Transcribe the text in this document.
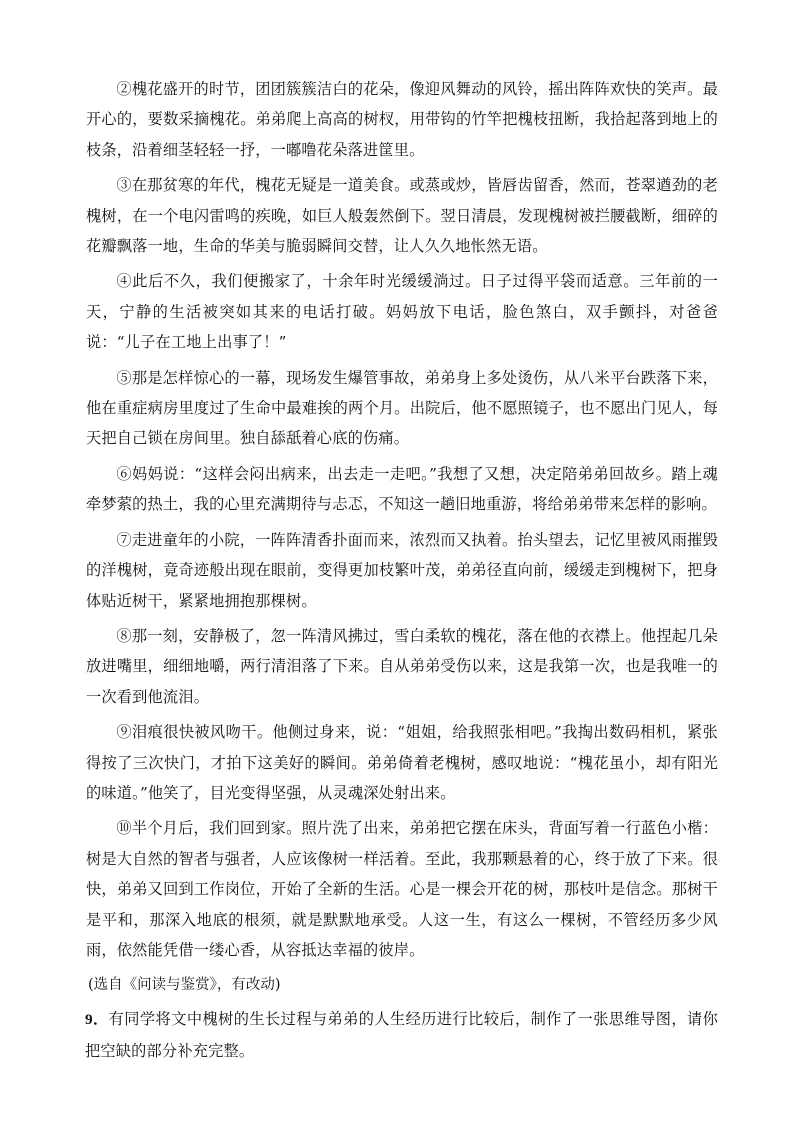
②槐花盛开的时节，团团簇簇洁白的花朵，像迎风舞动的风铃，摇出阵阵欢快的笑声。最开心的，要数采摘槐花。弟弟爬上高高的树杈，用带钩的竹竿把槐枝扭断，我拾起落到地上的枝条，沿着细茎轻轻一抒，一嘟噜花朵落进筐里。

③在那贫寒的年代，槐花无疑是一道美食。或蒸或炒，皆唇齿留香，然而，苍翠遒劲的老槐树，在一个电闪雷鸣的疾晚，如巨人般轰然倒下。翌日清晨，发现槐树被拦腰截断，细碎的花瓣飘落一地，生命的华美与脆弱瞬间交替，让人久久地怅然无语。

④此后不久，我们便搬家了，十余年时光缓缓淌过。日子过得平袋而适意。三年前的一天，宁静的生活被突如其来的电话打破。妈妈放下电话，脸色煞白，双手颤抖，对爸爸说：“儿子在工地上出事了！”

⑤那是怎样惊心的一幕，现场发生爆管事故，弟弟身上多处烫伤，从八米平台跌落下来，他在重症病房里度过了生命中最难挨的两个月。出院后，他不愿照镜子，也不愿出门见人，每天把自己锁在房间里。独自舔舐着心底的伤痛。

⑥妈妈说：“这样会闷出病来，出去走一走吧。”我想了又想，决定陪弟弟回故乡。踏上魂牵梦萦的热土，我的心里充满期待与忐忑，不知这一趟旧地重游，将给弟弟带来怎样的影响。

⑦走进童年的小院，一阵阵清香扑面而来，浓烈而又执着。抬头望去，记忆里被风雨摧毁的洋槐树，竟奇迹般出现在眼前，变得更加枝繁叶茂，弟弟径直向前，缓缓走到槐树下，把身体贴近树干，紧紧地拥抱那棵树。

⑧那一刻，安静极了，忽一阵清风拂过，雪白柔软的槐花，落在他的衣襟上。他捏起几朵放进嘴里，细细地嚼，两行清泪落了下来。自从弟弟受伤以来，这是我第一次，也是我唯一的一次看到他流泪。

⑨泪痕很快被风吻干。他侧过身来，说：“姐姐，给我照张相吧。”我掏出数码相机，紧张得按了三次快门，才拍下这美好的瞬间。弟弟倚着老槐树，感叹地说：“槐花虽小，却有阳光的味道。”他笑了，目光变得坚强，从灵魂深处射出来。

⑩半个月后，我们回到家。照片洗了出来，弟弟把它摆在床头，背面写着一行蓝色小楷：树是大自然的智者与强者，人应该像树一样活着。至此，我那颗悬着的心，终于放了下来。很快，弟弟又回到工作岗位，开始了全新的生活。心是一棵会开花的树，那枝叶是信念。那树干是平和，那深入地底的根须，就是默默地承受。人这一生，有这么一棵树，不管经历多少风雨，依然能凭借一缕心香，从容抵达幸福的彼岸。

(选自《问读与鉴赏》，有改动)

9．有同学将文中槐树的生长过程与弟弟的人生经历进行比较后，制作了一张思维导图，请你把空缺的部分补充完整。
